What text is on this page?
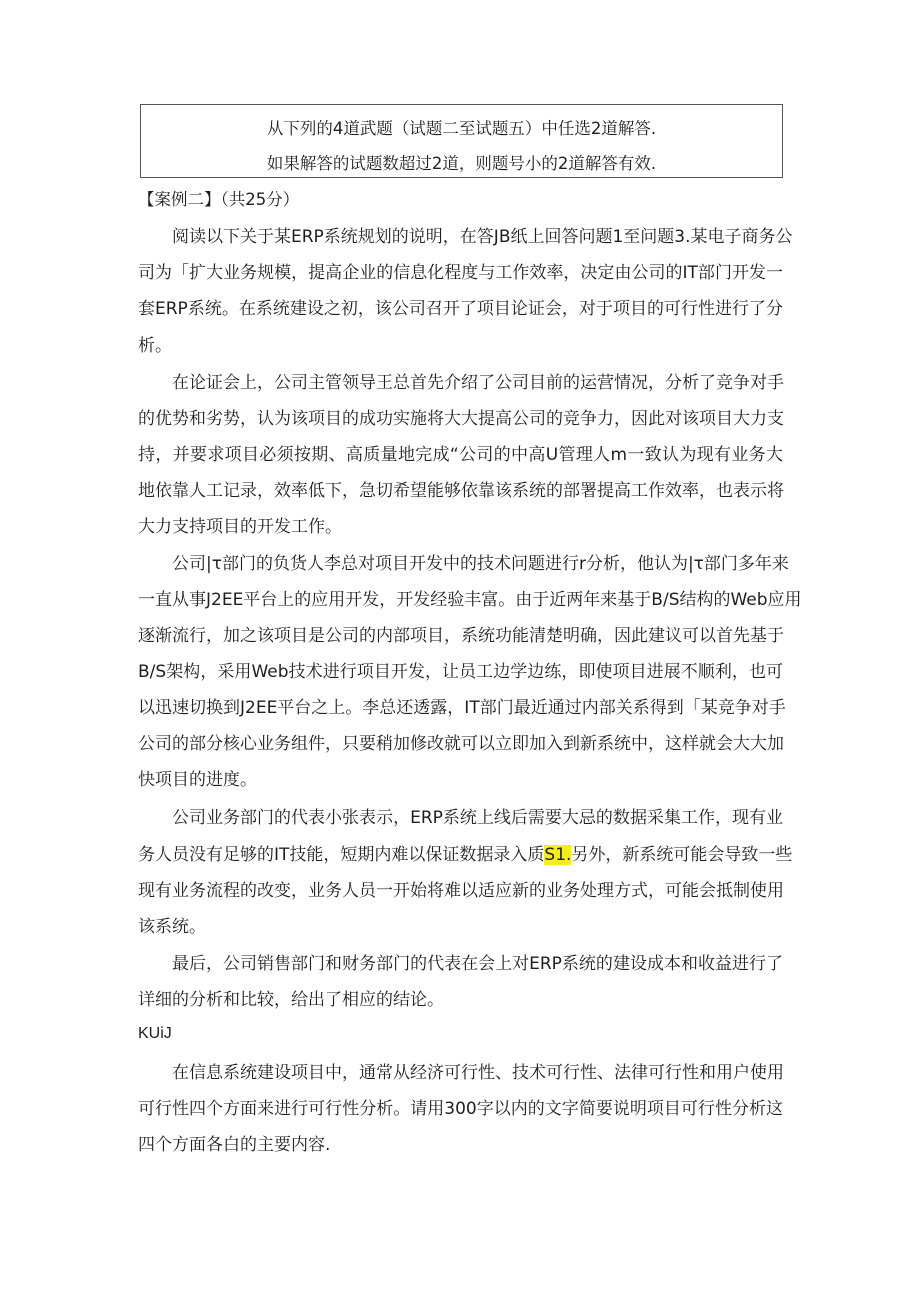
从下列的4道武题（试题二至试题五）中任选2道解答.
如果解答的试题数超过2道，则题号小的2道解答有效.
【案例二】（共25分）
阅读以下关于某ERP系统规划的说明，在答JB纸上回答问题1至问题3.某电子商务公
司为「扩大业务规模，提高企业的信息化程度与工作效率，决定由公司的IT部门开发一
套ERP系统。在系统建设之初，该公司召开了项目论证会，对于项目的可行性进行了分
析。
在论证会上，公司主管领导王总首先介绍了公司目前的运营情况，分析了竞争对手
的优势和劣势，认为该项目的成功实施将大大提高公司的竞争力，因此对该项目大力支
持，并要求项目必须按期、高质量地完成“公司的中高U管理人m一致认为现有业务大
地依靠人工记录，效率低下，急切希望能够依靠该系统的部署提高工作效率，也表示将
大力支持项目的开发工作。
公司|τ部门的负货人李总对项目开发中的技术问题进行r分析，他认为|τ部门多年来
一直从事J2EE平台上的应用开发，开发经验丰富。由于近两年来基于B/S结构的Web应用
逐渐流行，加之该项目是公司的内部项目，系统功能清楚明确，因此建议可以首先基于
B/S架构，采用Web技术进行项目开发，让员工边学边练，即使项目进展不顺利，也可
以迅速切换到J2EE平台之上。李总还透露，IT部门最近通过内部关系得到「某竞争对手
公司的部分核心业务组件，只要稍加修改就可以立即加入到新系统中，这样就会大大加
快项目的进度。
公司业务部门的代表小张表示，ERP系统上线后需要大忌的数据采集工作，现有业
务人员没有足够的IT技能，短期内难以保证数据录入质S1.另外，新系统可能会导致一些
现有业务流程的改变，业务人员一开始将难以适应新的业务处理方式，可能会抵制使用
该系统。
最后，公司销售部门和财务部门的代表在会上对ERP系统的建设成本和收益进行了
详细的分析和比较，给出了相应的结论。
KUiJ
在信息系统建设项目中，通常从经济可行性、技术可行性、法律可行性和用户使用
可行性四个方面来进行可行性分析。请用300字以内的文字简要说明项目可行性分析这
四个方面各白的主要内容.
